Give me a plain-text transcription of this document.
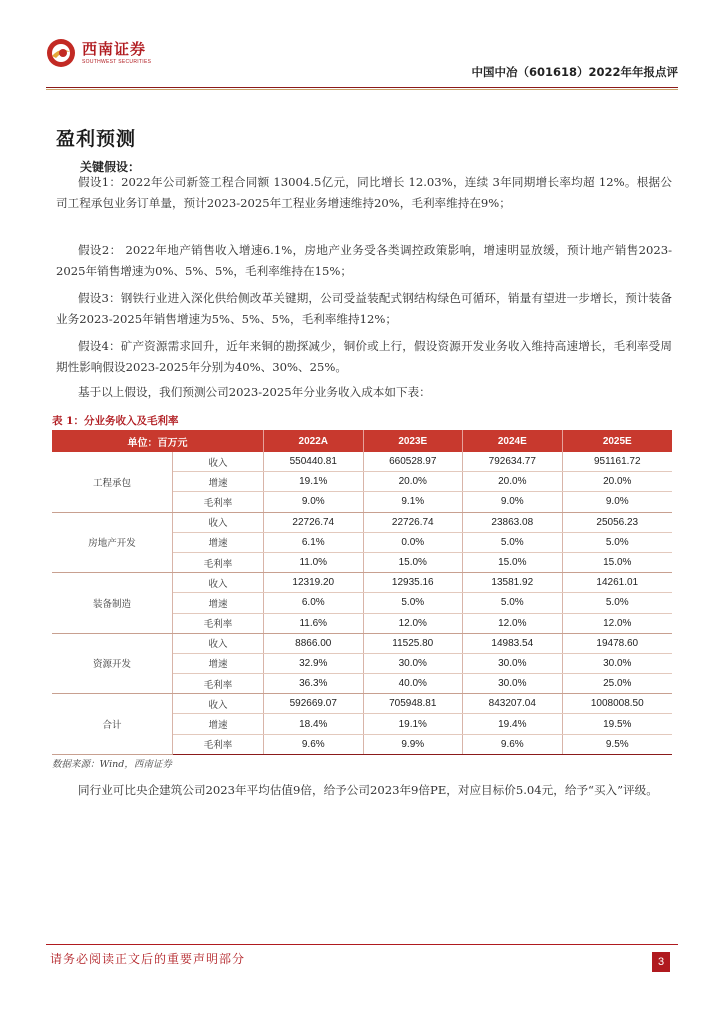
西南证券
SOUTHWEST SECURITIES
中国中冶（601618）2022年年报点评
盈利预测
关键假设：

假设1：2022年公司新签工程合同额 13004.5亿元，同比增长 12.03%，连续 3年同期增长率均超 12%。根据公司工程承包业务订单量，预计2023-2025年工程业务增速维持20%，毛利率维持在9%；

假设2： 2022年地产销售收入增速6.1%，房地产业务受各类调控政策影响，增速明显放缓，预计地产销售2023-2025年销售增速为0%、5%、5%，毛利率维持在15%；

假设3：钢铁行业进入深化供给侧改革关键期，公司受益装配式钢结构绿色可循环，销量有望进一步增长，预计装备业务2023-2025年销售增速为5%、5%、5%，毛利率维持12%；

假设4：矿产资源需求回升，近年来铜的勘探减少，铜价或上行，假设资源开发业务收入维持高速增长，毛利率受周期性影响假设2023-2025年分别为40%、30%、25%。

基于以上假设，我们预测公司2023-2025年分业务收入成本如下表：

表 1：分业务收入及毛利率
单位：百万元		2022A	2023E	2024E	2025E
工程承包	收入	550440.81	660528.97	792634.77	951161.72
	增速	19.1%	20.0%	20.0%	20.0%
	毛利率	9.0%	9.1%	9.0%	9.0%
房地产开发	收入	22726.74	22726.74	23863.08	25056.23
	增速	6.1%	0.0%	5.0%	5.0%
	毛利率	11.0%	15.0%	15.0%	15.0%
装备制造	收入	12319.20	12935.16	13581.92	14261.01
	增速	6.0%	5.0%	5.0%	5.0%
	毛利率	11.6%	12.0%	12.0%	12.0%
资源开发	收入	8866.00	11525.80	14983.54	19478.60
	增速	32.9%	30.0%	30.0%	30.0%
	毛利率	36.3%	40.0%	30.0%	25.0%
合计	收入	592669.07	705948.81	843207.04	1008008.50
	增速	18.4%	19.1%	19.4%	19.5%
	毛利率	9.6%	9.9%	9.6%	9.5%
数据来源：Wind，西南证券

同行业可比央企建筑公司2023年平均估值9倍，给予公司2023年9倍PE，对应目标价5.04元，给予“买入”评级。

请务必阅读正文后的重要声明部分	3
